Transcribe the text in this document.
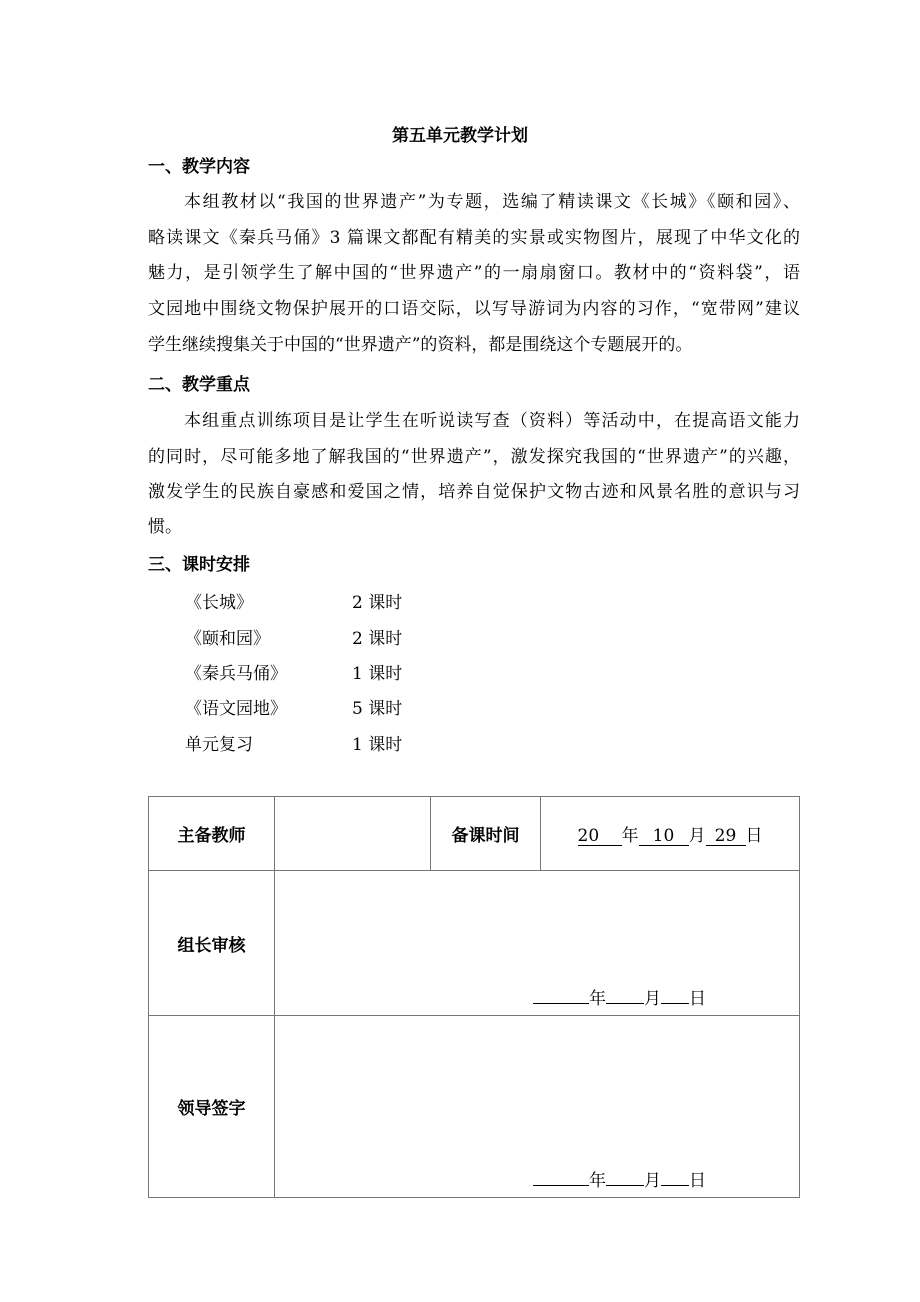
第五单元教学计划
一、教学内容
本组教材以“我国的世界遗产”为专题，选编了精读课文《长城》《颐和园》、
略读课文《秦兵马俑》3 篇课文都配有精美的实景或实物图片，展现了中华文化的
魅力，是引领学生了解中国的“世界遗产”的一扇扇窗口。教材中的“资料袋”，语
文园地中围绕文物保护展开的口语交际，以写导游词为内容的习作，“宽带网”建议
学生继续搜集关于中国的“世界遗产”的资料，都是围绕这个专题展开的。
二、教学重点
本组重点训练项目是让学生在听说读写查（资料）等活动中，在提高语文能力
的同时，尽可能多地了解我国的“世界遗产”，激发探究我国的“世界遗产”的兴趣，
激发学生的民族自豪感和爱国之情，培养自觉保护文物古迹和风景名胜的意识与习
惯。
三、课时安排
《长城》	2 课时
《颐和园》	2 课时
《秦兵马俑》	1 课时
《语文园地》	5 课时
单元复习	1 课时
主备教师		备课时间	20 年 10 月 29 日
组长审核	年 月 日		

领导签字	年 月 日		
